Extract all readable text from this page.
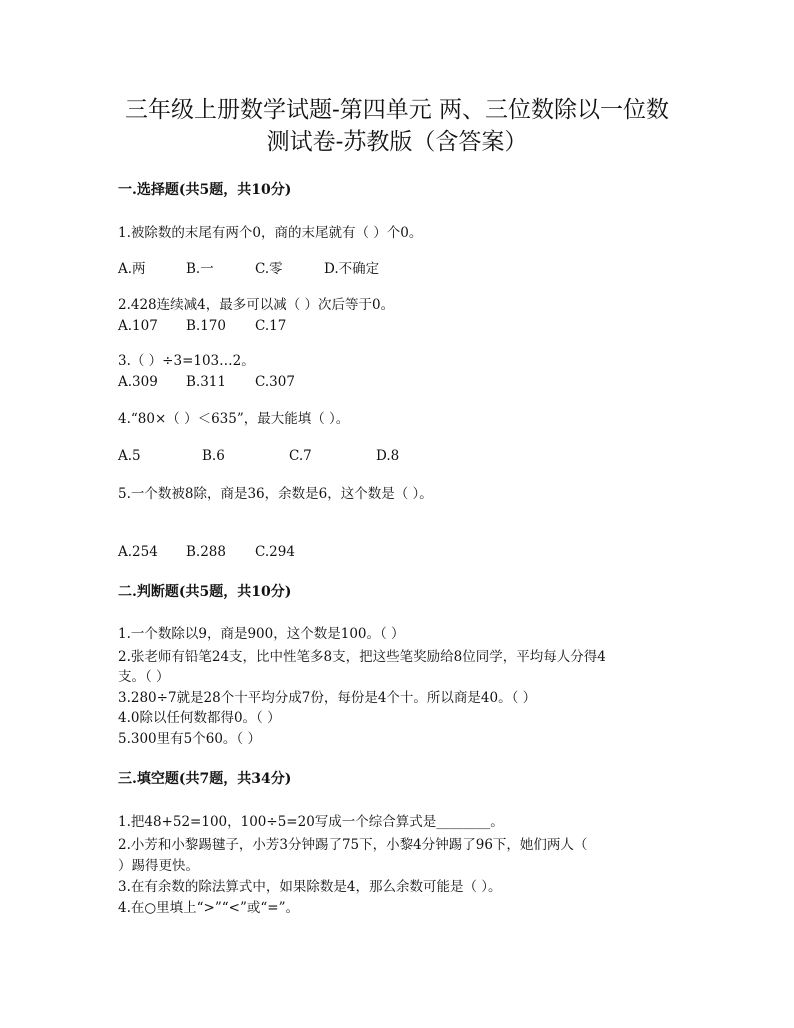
三年级上册数学试题-第四单元 两、三位数除以一位数
测试卷-苏教版（含答案）
一.选择题(共5题，共10分)
1.被除数的末尾有两个0，商的末尾就有（ ）个0。
A.两	B.一	C.零	D.不确定
2.428连续减4，最多可以减（ ）次后等于0。
A.107 B.170 C.17
3.（ ）÷3=103…2。
A.309 B.311 C.307
4.“80×（ ）＜635”，最大能填（ ）。
A.5	B.6	C.7	D.8
5.一个数被8除，商是36，余数是6，这个数是（ ）。
A.254 B.288 C.294
二.判断题(共5题，共10分)
1.一个数除以9，商是900，这个数是100。（ ）
2.张老师有铅笔24支，比中性笔多8支，把这些笔奖励给8位同学，平均每人分得4
支。（ ）
3.280÷7就是28个十平均分成7份，每份是4个十。所以商是40。（ ）
4.0除以任何数都得0。（ ）
5.300里有5个60。（ ）
三.填空题(共7题，共34分)
1.把48+52=100，100÷5=20写成一个综合算式是________。
2.小芳和小黎踢毽子，小芳3分钟踢了75下，小黎4分钟踢了96下，她们两人（
）踢得更快。
3.在有余数的除法算式中，如果除数是4，那么余数可能是（ ）。
4.在○里填上“>”“<”或“=”。
